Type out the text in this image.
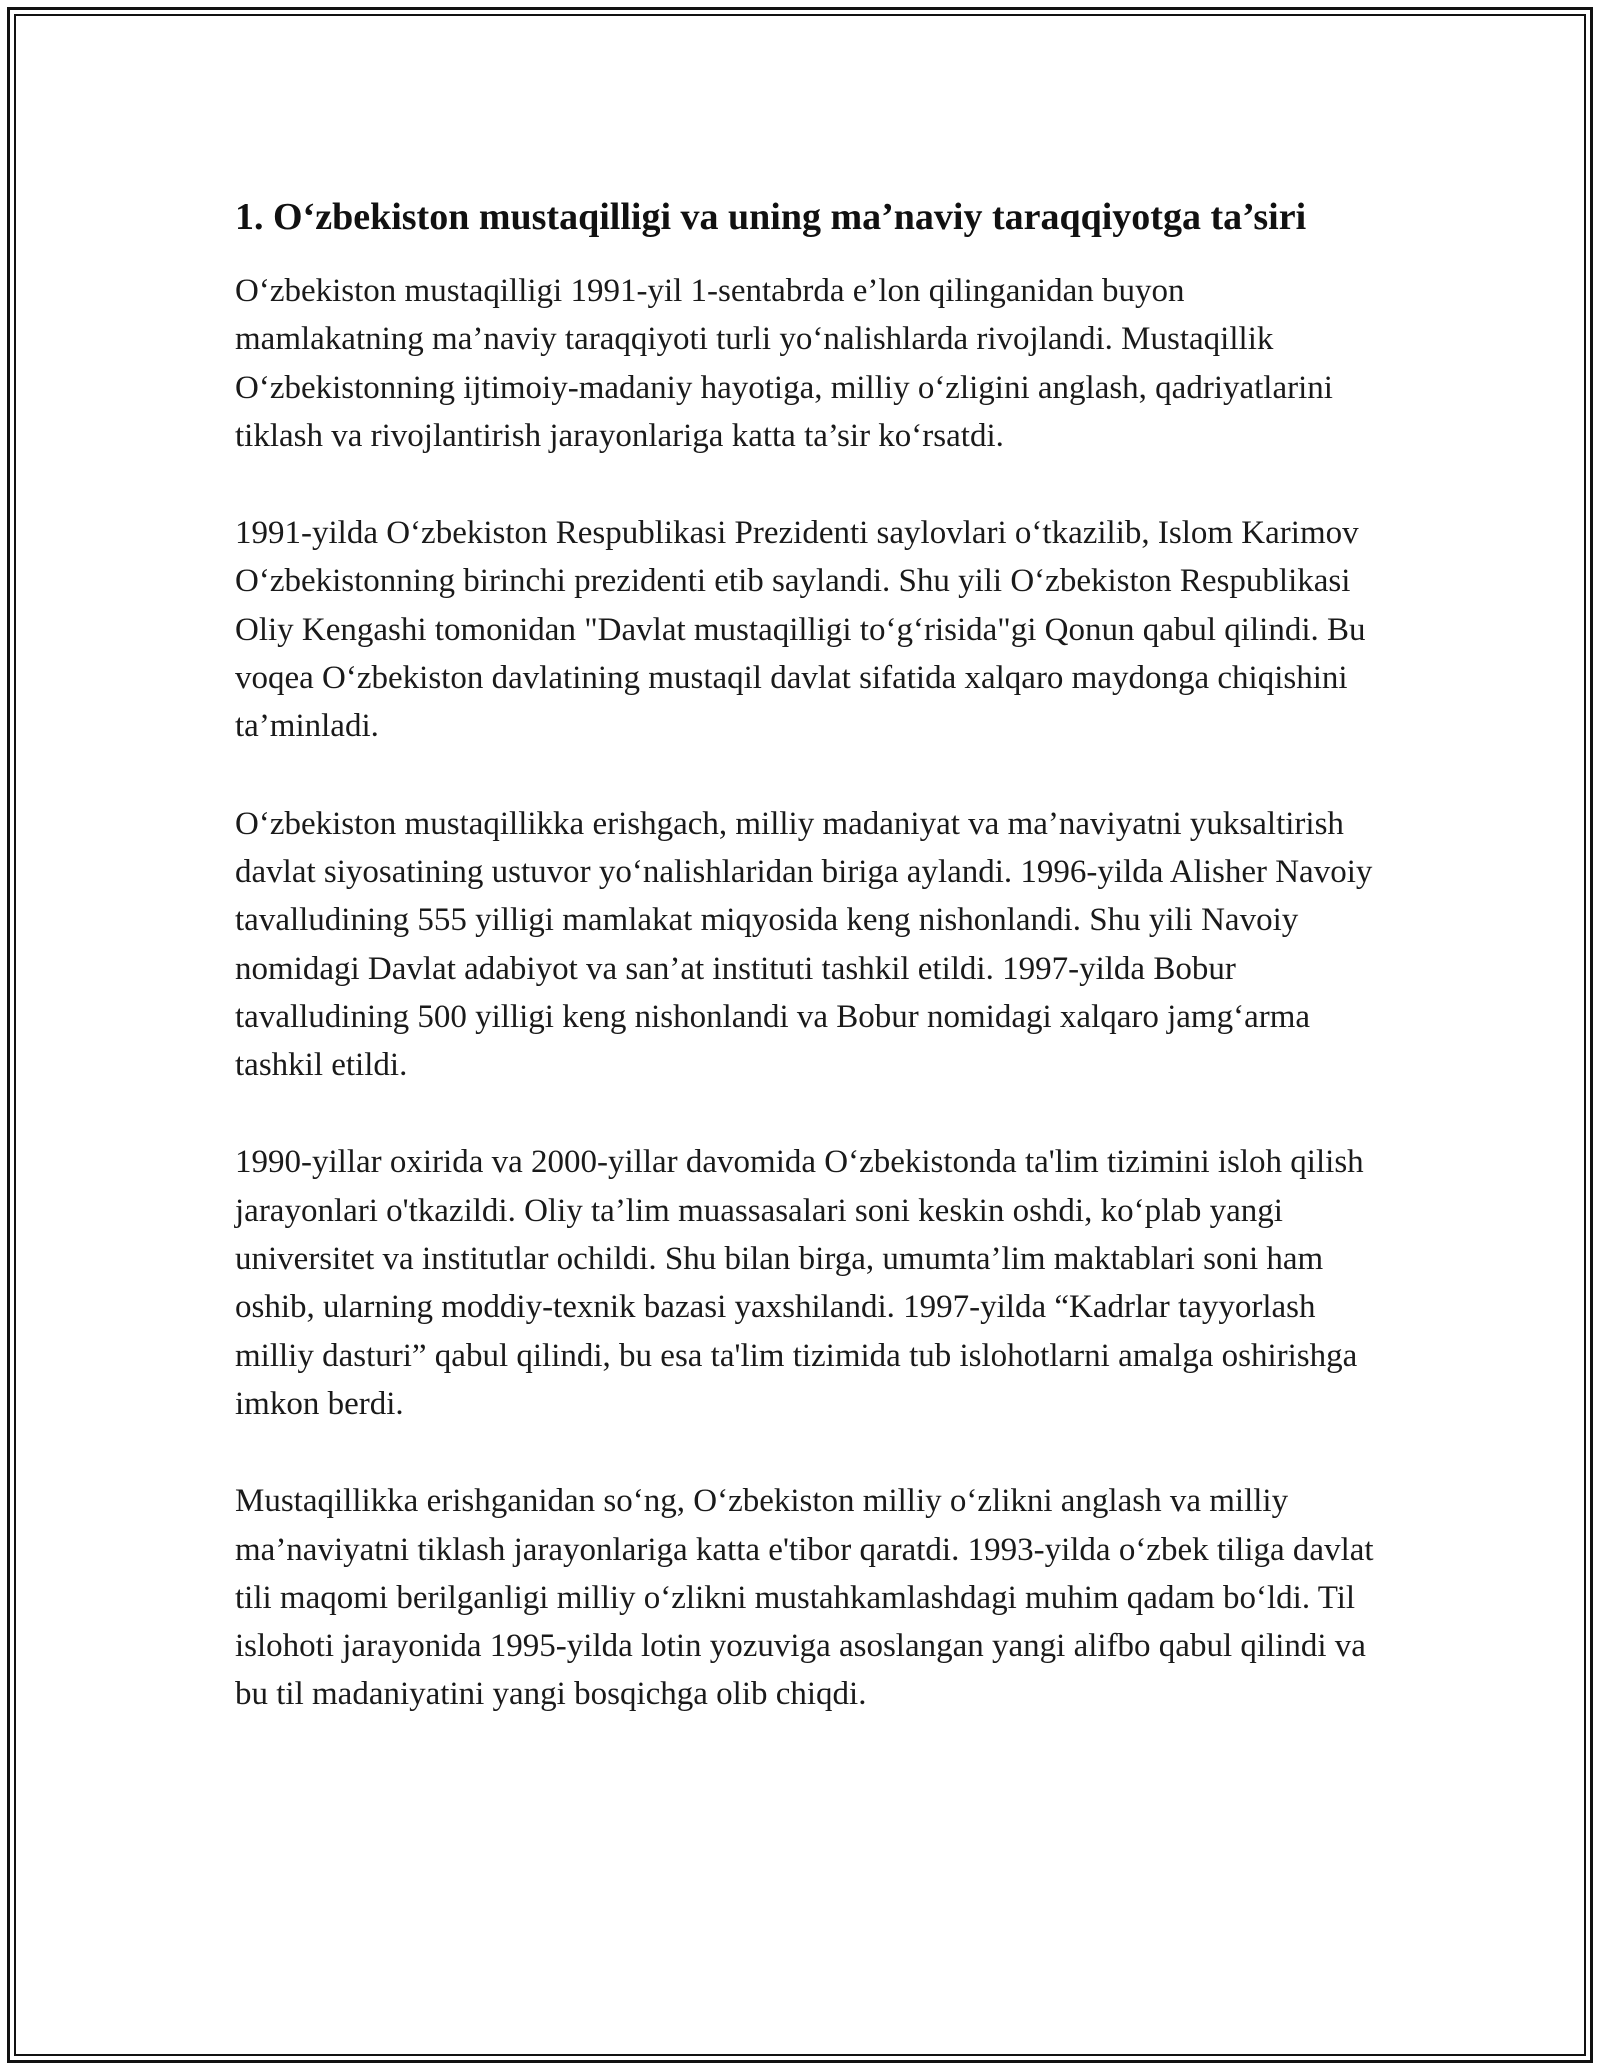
1. O‘zbekiston mustaqilligi va uning ma’naviy taraqqiyotga ta’siri

O‘zbekiston mustaqilligi 1991-yil 1-sentabrda e’lon qilinganidan buyon mamlakatning ma’naviy taraqqiyoti turli yo‘nalishlarda rivojlandi. Mustaqillik O‘zbekistonning ijtimoiy-madaniy hayotiga, milliy o‘zligini anglash, qadriyatlarini tiklash va rivojlantirish jarayonlariga katta ta’sir ko‘rsatdi.

1991-yilda O‘zbekiston Respublikasi Prezidenti saylovlari o‘tkazilib, Islom Karimov O‘zbekistonning birinchi prezidenti etib saylandi. Shu yili O‘zbekiston Respublikasi Oliy Kengashi tomonidan "Davlat mustaqilligi to‘g‘risida"gi Qonun qabul qilindi. Bu voqea O‘zbekiston davlatining mustaqil davlat sifatida xalqaro maydonga chiqishini ta’minladi.

O‘zbekiston mustaqillikka erishgach, milliy madaniyat va ma’naviyatni yuksaltirish davlat siyosatining ustuvor yo‘nalishlaridan biriga aylandi. 1996-yilda Alisher Navoiy tavalludining 555 yilligi mamlakat miqyosida keng nishonlandi. Shu yili Navoiy nomidagi Davlat adabiyot va san’at instituti tashkil etildi. 1997-yilda Bobur tavalludining 500 yilligi keng nishonlandi va Bobur nomidagi xalqaro jamg‘arma tashkil etildi.

1990-yillar oxirida va 2000-yillar davomida O‘zbekistonda ta'lim tizimini isloh qilish jarayonlari o'tkazildi. Oliy ta’lim muassasalari soni keskin oshdi, ko‘plab yangi universitet va institutlar ochildi. Shu bilan birga, umumta’lim maktablari soni ham oshib, ularning moddiy-texnik bazasi yaxshilandi. 1997-yilda “Kadrlar tayyorlash milliy dasturi” qabul qilindi, bu esa ta'lim tizimida tub islohotlarni amalga oshirishga imkon berdi.

Mustaqillikka erishganidan so‘ng, O‘zbekiston milliy o‘zlikni anglash va milliy ma’naviyatni tiklash jarayonlariga katta e'tibor qaratdi. 1993-yilda o‘zbek tiliga davlat tili maqomi berilganligi milliy o‘zlikni mustahkamlashdagi muhim qadam bo‘ldi. Til islohoti jarayonida 1995-yilda lotin yozuviga asoslangan yangi alifbo qabul qilindi va bu til madaniyatini yangi bosqichga olib chiqdi.
